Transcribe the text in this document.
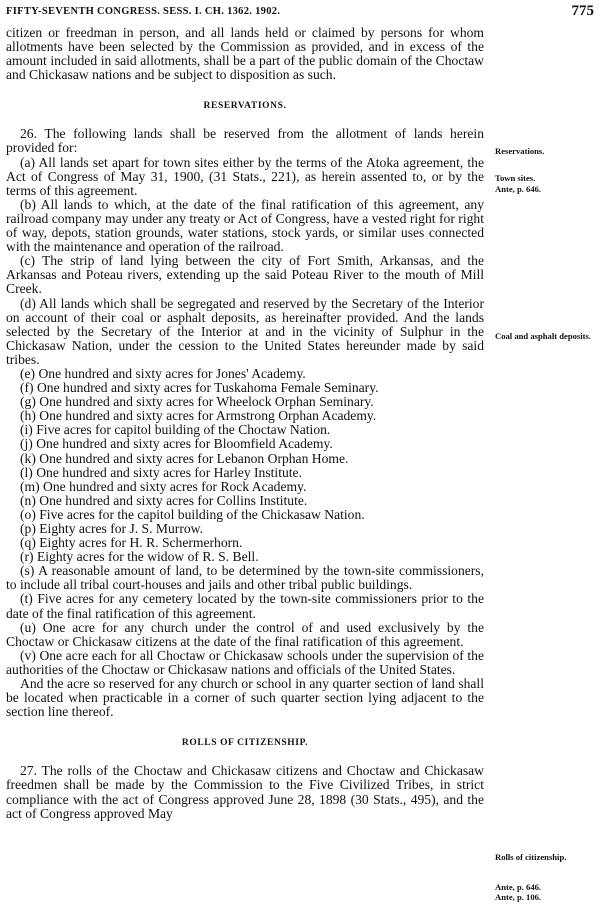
FIFTY-SEVENTH CONGRESS. SESS. I. CH. 1362. 1902.	775

citizen or freedman in person, and all lands held or claimed by persons for whom allotments have been selected by the Commission as provided, and in excess of the amount included in said allotments, shall be a part of the public domain of the Choctaw and Chickasaw nations and be subject to disposition as such.

RESERVATIONS.

26. The following lands shall be reserved from the allotment of lands herein provided for:

(a) All lands set apart for town sites either by the terms of the Atoka agreement, the Act of Congress of May 31, 1900, (31 Stats., 221), as herein assented to, or by the terms of this agreement.

(b) All lands to which, at the date of the final ratification of this agreement, any railroad company may under any treaty or Act of Congress, have a vested right for right of way, depots, station grounds, water stations, stock yards, or similar uses connected with the maintenance and operation of the railroad.

(c) The strip of land lying between the city of Fort Smith, Arkansas, and the Arkansas and Poteau rivers, extending up the said Poteau River to the mouth of Mill Creek.

(d) All lands which shall be segregated and reserved by the Secretary of the Interior on account of their coal or asphalt deposits, as hereinafter provided. And the lands selected by the Secretary of the Interior at and in the vicinity of Sulphur in the Chickasaw Nation, under the cession to the United States hereunder made by said tribes.

(e) One hundred and sixty acres for Jones' Academy.

(f) One hundred and sixty acres for Tuskahoma Female Seminary.

(g) One hundred and sixty acres for Wheelock Orphan Seminary.

(h) One hundred and sixty acres for Armstrong Orphan Academy.

(i) Five acres for capitol building of the Choctaw Nation.

(j) One hundred and sixty acres for Bloomfield Academy.

(k) One hundred and sixty acres for Lebanon Orphan Home.

(l) One hundred and sixty acres for Harley Institute.

(m) One hundred and sixty acres for Rock Academy.

(n) One hundred and sixty acres for Collins Institute.

(o) Five acres for the capitol building of the Chickasaw Nation.

(p) Eighty acres for J. S. Murrow.

(q) Eighty acres for H. R. Schermerhorn.

(r) Eighty acres for the widow of R. S. Bell.

(s) A reasonable amount of land, to be determined by the town-site commissioners, to include all tribal court-houses and jails and other tribal public buildings.

(t) Five acres for any cemetery located by the town-site commissioners prior to the date of the final ratification of this agreement.

(u) One acre for any church under the control of and used exclusively by the Choctaw or Chickasaw citizens at the date of the final ratification of this agreement.

(v) One acre each for all Choctaw or Chickasaw schools under the supervision of the authorities of the Choctaw or Chickasaw nations and officials of the United States.

And the acre so reserved for any church or school in any quarter section of land shall be located when practicable in a corner of such quarter section lying adjacent to the section line thereof.

ROLLS OF CITIZENSHIP.

27. The rolls of the Choctaw and Chickasaw citizens and Choctaw and Chickasaw freedmen shall be made by the Commission to the Five Civilized Tribes, in strict compliance with the act of Congress approved June 28, 1898 (30 Stats., 495), and the act of Congress approved May

Reservations.
Town sites.
Ante, p. 646.
Coal and asphalt deposits.
Rolls of citizenship.
Ante, p. 646.
Ante, p. 106.
